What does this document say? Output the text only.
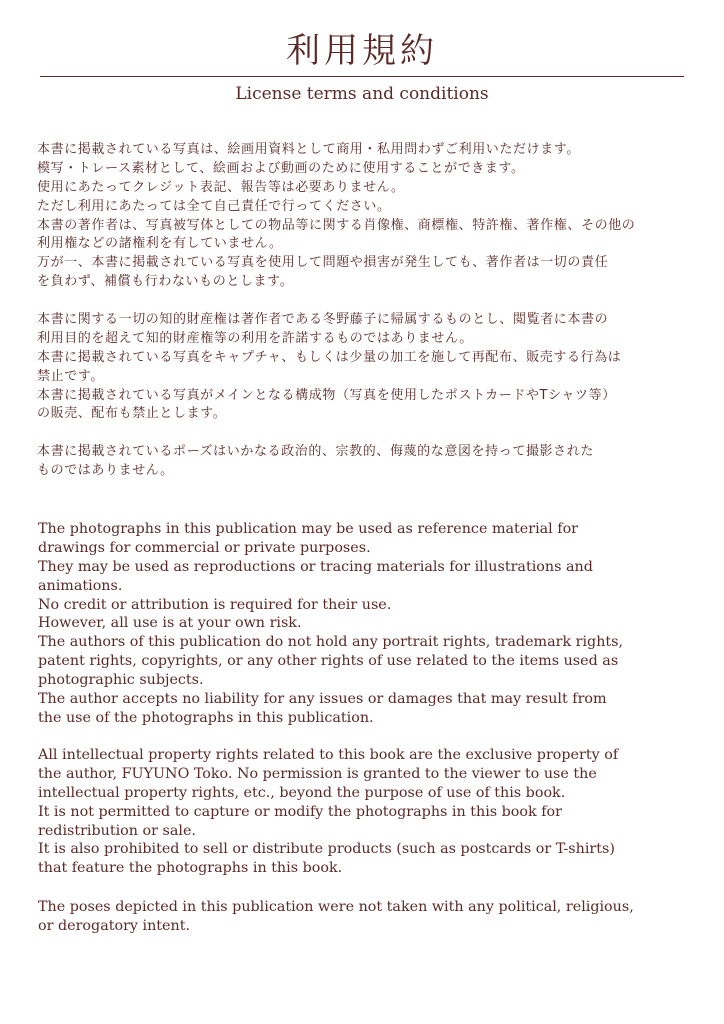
利用規約
License terms and conditions
本書に掲載されている写真は、絵画用資料として商用・私用問わずご利用いただけます。
模写・トレース素材として、絵画および動画のために使用することができます。
使用にあたってクレジット表記、報告等は必要ありません。
ただし利用にあたっては全て自己責任で行ってください。
本書の著作者は、写真被写体としての物品等に関する肖像権、商標権、特許権、著作権、その他の
利用権などの諸権利を有していません。
万が一、本書に掲載されている写真を使用して問題や損害が発生しても、著作者は一切の責任
を負わず、補償も行わないものとします。
本書に関する一切の知的財産権は著作者である冬野藤子に帰属するものとし、閲覧者に本書の
利用目的を超えて知的財産権等の利用を許諾するものではありません。
本書に掲載されている写真をキャプチャ、もしくは少量の加工を施して再配布、販売する行為は
禁止です。
本書に掲載されている写真がメインとなる構成物（写真を使用したポストカードやTシャツ等）
の販売、配布も禁止とします。
本書に掲載されているポーズはいかなる政治的、宗教的、侮蔑的な意図を持って撮影された
ものではありません。
The photographs in this publication may be used as reference material for
drawings for commercial or private purposes.
They may be used as reproductions or tracing materials for illustrations and
animations.
No credit or attribution is required for their use.
However, all use is at your own risk.
The authors of this publication do not hold any portrait rights, trademark rights,
patent rights, copyrights, or any other rights of use related to the items used as
photographic subjects.
The author accepts no liability for any issues or damages that may result from
the use of the photographs in this publication.
All intellectual property rights related to this book are the exclusive property of
the author, FUYUNO Toko. No permission is granted to the viewer to use the
intellectual property rights, etc., beyond the purpose of use of this book.
It is not permitted to capture or modify the photographs in this book for
redistribution or sale.
It is also prohibited to sell or distribute products (such as postcards or T-shirts)
that feature the photographs in this book.
The poses depicted in this publication were not taken with any political, religious,
or derogatory intent.
